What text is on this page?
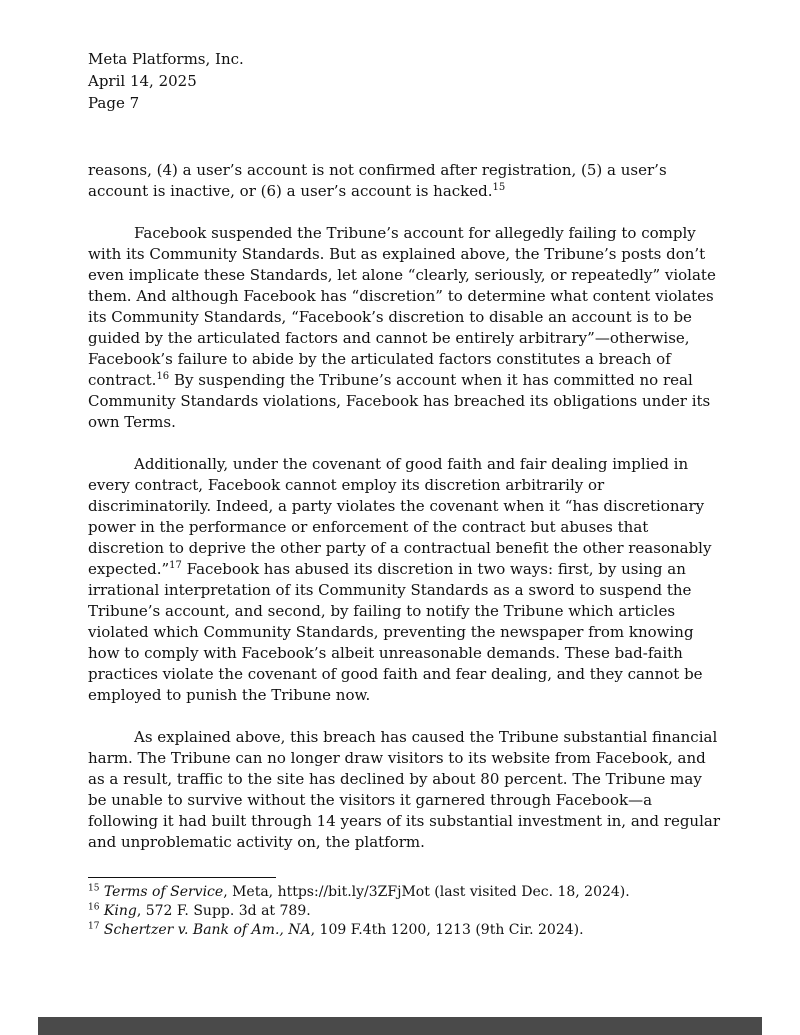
Meta Platforms, Inc.
April 14, 2025
Page 7

reasons, (4) a user’s account is not confirmed after registration, (5) a user’s account is inactive, or (6) a user’s account is hacked.$^{15}$

Facebook suspended the Tribune’s account for allegedly failing to comply with its Community Standards. But as explained above, the Tribune’s posts don’t even implicate these Standards, let alone “clearly, seriously, or repeatedly” violate them. And although Facebook has “discretion” to determine what content violates its Community Standards, “Facebook’s discretion to disable an account is to be guided by the articulated factors and cannot be entirely arbitrary”—otherwise, Facebook’s failure to abide by the articulated factors constitutes a breach of contract.$^{16}$ By suspending the Tribune’s account when it has committed no real Community Standards violations, Facebook has breached its obligations under its own Terms.

Additionally, under the covenant of good faith and fair dealing implied in every contract, Facebook cannot employ its discretion arbitrarily or discriminatorily. Indeed, a party violates the covenant when it “has discretionary power in the performance or enforcement of the contract but abuses that discretion to deprive the other party of a contractual benefit the other reasonably expected.”$^{17}$ Facebook has abused its discretion in two ways: first, by using an irrational interpretation of its Community Standards as a sword to suspend the Tribune’s account, and second, by failing to notify the Tribune which articles violated which Community Standards, preventing the newspaper from knowing how to comply with Facebook’s albeit unreasonable demands. These bad-faith practices violate the covenant of good faith and fear dealing, and they cannot be employed to punish the Tribune now.

As explained above, this breach has caused the Tribune substantial financial harm. The Tribune can no longer draw visitors to its website from Facebook, and as a result, traffic to the site has declined by about 80 percent. The Tribune may be unable to survive without the visitors it garnered through Facebook—a following it had built through 14 years of its substantial investment in, and regular and unproblematic activity on, the platform.

$^{15}$ Terms of Service, Meta, https://bit.ly/3ZFjMot (last visited Dec. 18, 2024).
$^{16}$ King, 572 F. Supp. 3d at 789.
$^{17}$ Schertzer v. Bank of Am., NA, 109 F.4th 1200, 1213 (9th Cir. 2024).
